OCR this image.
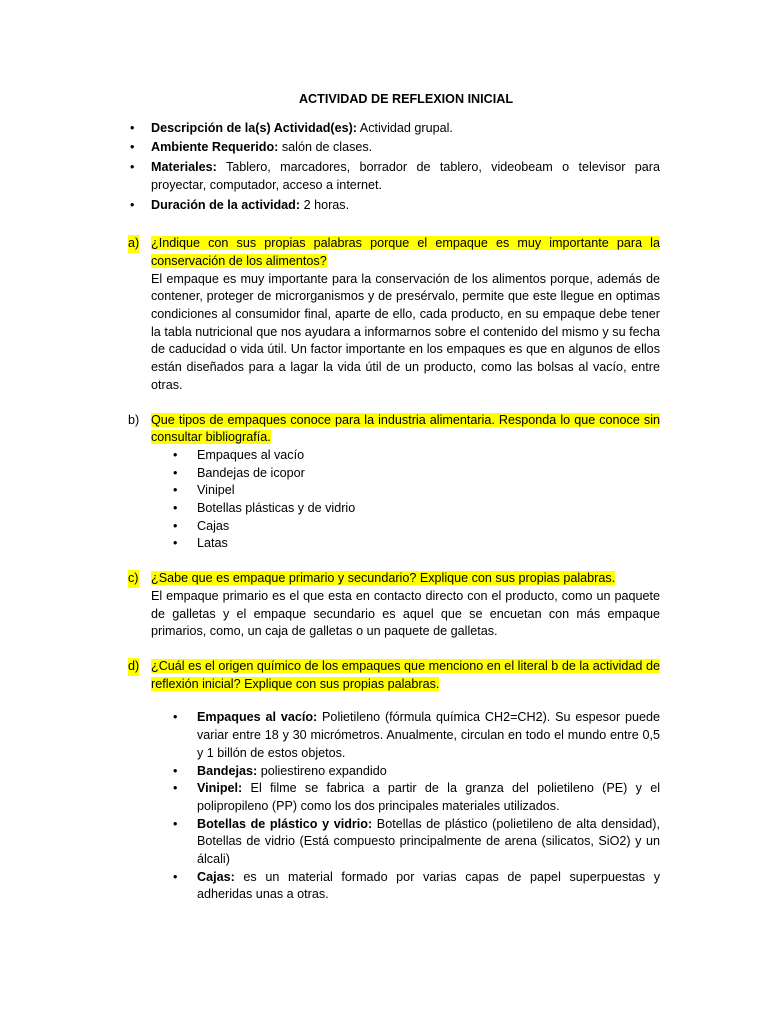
ACTIVIDAD DE REFLEXION INICIAL
• Descripción de la(s) Actividad(es): Actividad grupal.
• Ambiente Requerido: salón de clases.
• Materiales: Tablero, marcadores, borrador de tablero, videobeam o televisor para proyectar, computador, acceso a internet.
• Duración de la actividad: 2 horas.

a) ¿Indique con sus propias palabras porque el empaque es muy importante para la conservación de los alimentos?

El empaque es muy importante para la conservación de los alimentos porque, además de contener, proteger de microrganismos y de presérvalo, permite que este llegue en optimas condiciones al consumidor final, aparte de ello, cada producto, en su empaque debe tener la tabla nutricional que nos ayudara a informarnos sobre el contenido del mismo y su fecha de caducidad o vida útil. Un factor importante en los empaques es que en algunos de ellos están diseñados para a lagar la vida útil de un producto, como las bolsas al vacío, entre otras.

b) Que tipos de empaques conoce para la industria alimentaria. Responda lo que conoce sin consultar bibliografía.

• Empaques al vacío
• Bandejas de icopor
• Vinipel
• Botellas plásticas y de vidrio
• Cajas
• Latas

c) ¿Sabe que es empaque primario y secundario? Explique con sus propias palabras.

El empaque primario es el que esta en contacto directo con el producto, como un paquete de galletas y el empaque secundario es aquel que se encuetan con más empaque primarios, como, un caja de galletas o un paquete de galletas.

d) ¿Cuál es el origen químico de los empaques que menciono en el literal b de la actividad de reflexión inicial? Explique con sus propias palabras.

• Empaques al vacío: Polietileno (fórmula química CH2=CH2). Su espesor puede variar entre 18 y 30 micrómetros. Anualmente, circulan en todo el mundo entre 0,5 y 1 billón de estos objetos.
• Bandejas: poliestireno expandido
• Vinipel: El filme se fabrica a partir de la granza del polietileno (PE) y el polipropileno (PP) como los dos principales materiales utilizados.
• Botellas de plástico y vidrio: Botellas de plástico (polietileno de alta densidad), Botellas de vidrio (Está compuesto principalmente de arena (silicatos, SiO2) y un álcali)
• Cajas: es un material formado por varias capas de papel superpuestas y adheridas unas a otras.
